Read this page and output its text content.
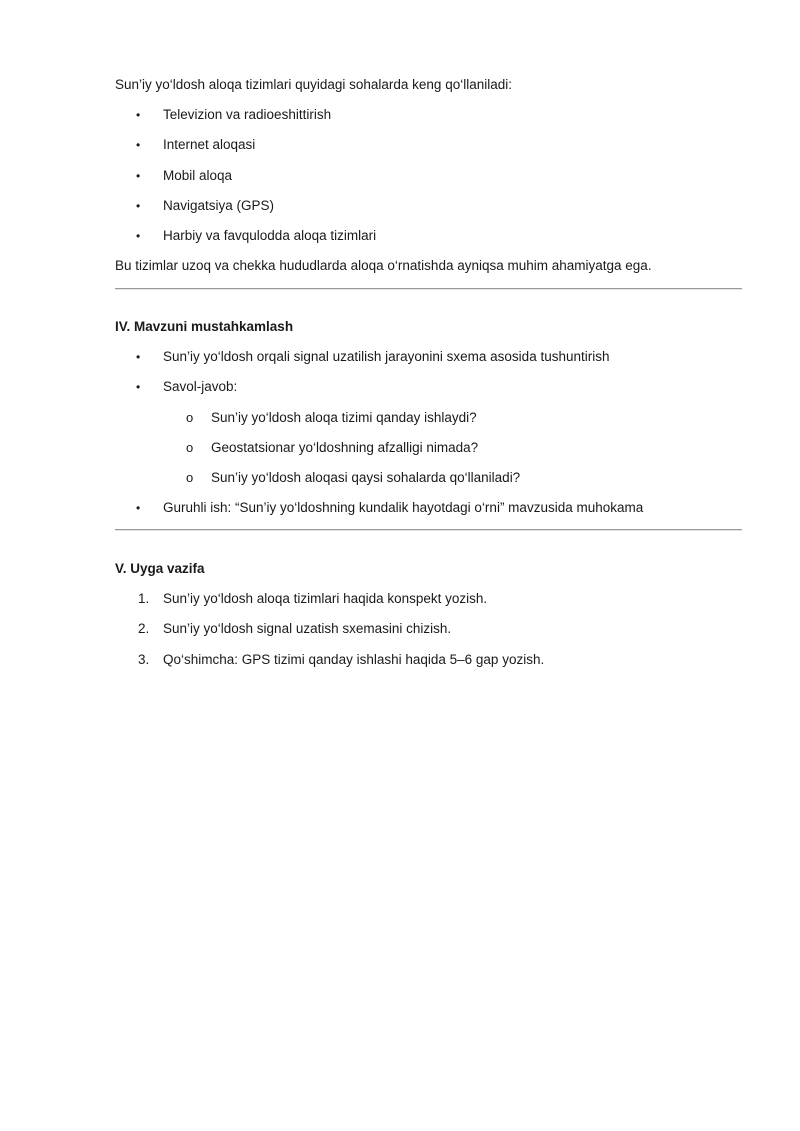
Sun’iy yo‘ldosh aloqa tizimlari quyidagi sohalarda keng qo‘llaniladi:
• Televizion va radioeshittirish
• Internet aloqasi
• Mobil aloqa
• Navigatsiya (GPS)
• Harbiy va favqulodda aloqa tizimlari
Bu tizimlar uzoq va chekka hududlarda aloqa o‘rnatishda ayniqsa muhim ahamiyatga ega.
IV. Mavzuni mustahkamlash
• Sun’iy yo‘ldosh orqali signal uzatilish jarayonini sxema asosida tushuntirish
• Savol-javob:
o Sun’iy yo‘ldosh aloqa tizimi qanday ishlaydi?
o Geostatsionar yo‘ldoshning afzalligi nimada?
o Sun’iy yo‘ldosh aloqasi qaysi sohalarda qo‘llaniladi?
• Guruhli ish: “Sun’iy yo‘ldoshning kundalik hayotdagi o‘rni” mavzusida muhokama
V. Uyga vazifa
1. Sun’iy yo‘ldosh aloqa tizimlari haqida konspekt yozish.
2. Sun’iy yo‘ldosh signal uzatish sxemasini chizish.
3. Qo‘shimcha: GPS tizimi qanday ishlashi haqida 5–6 gap yozish.
